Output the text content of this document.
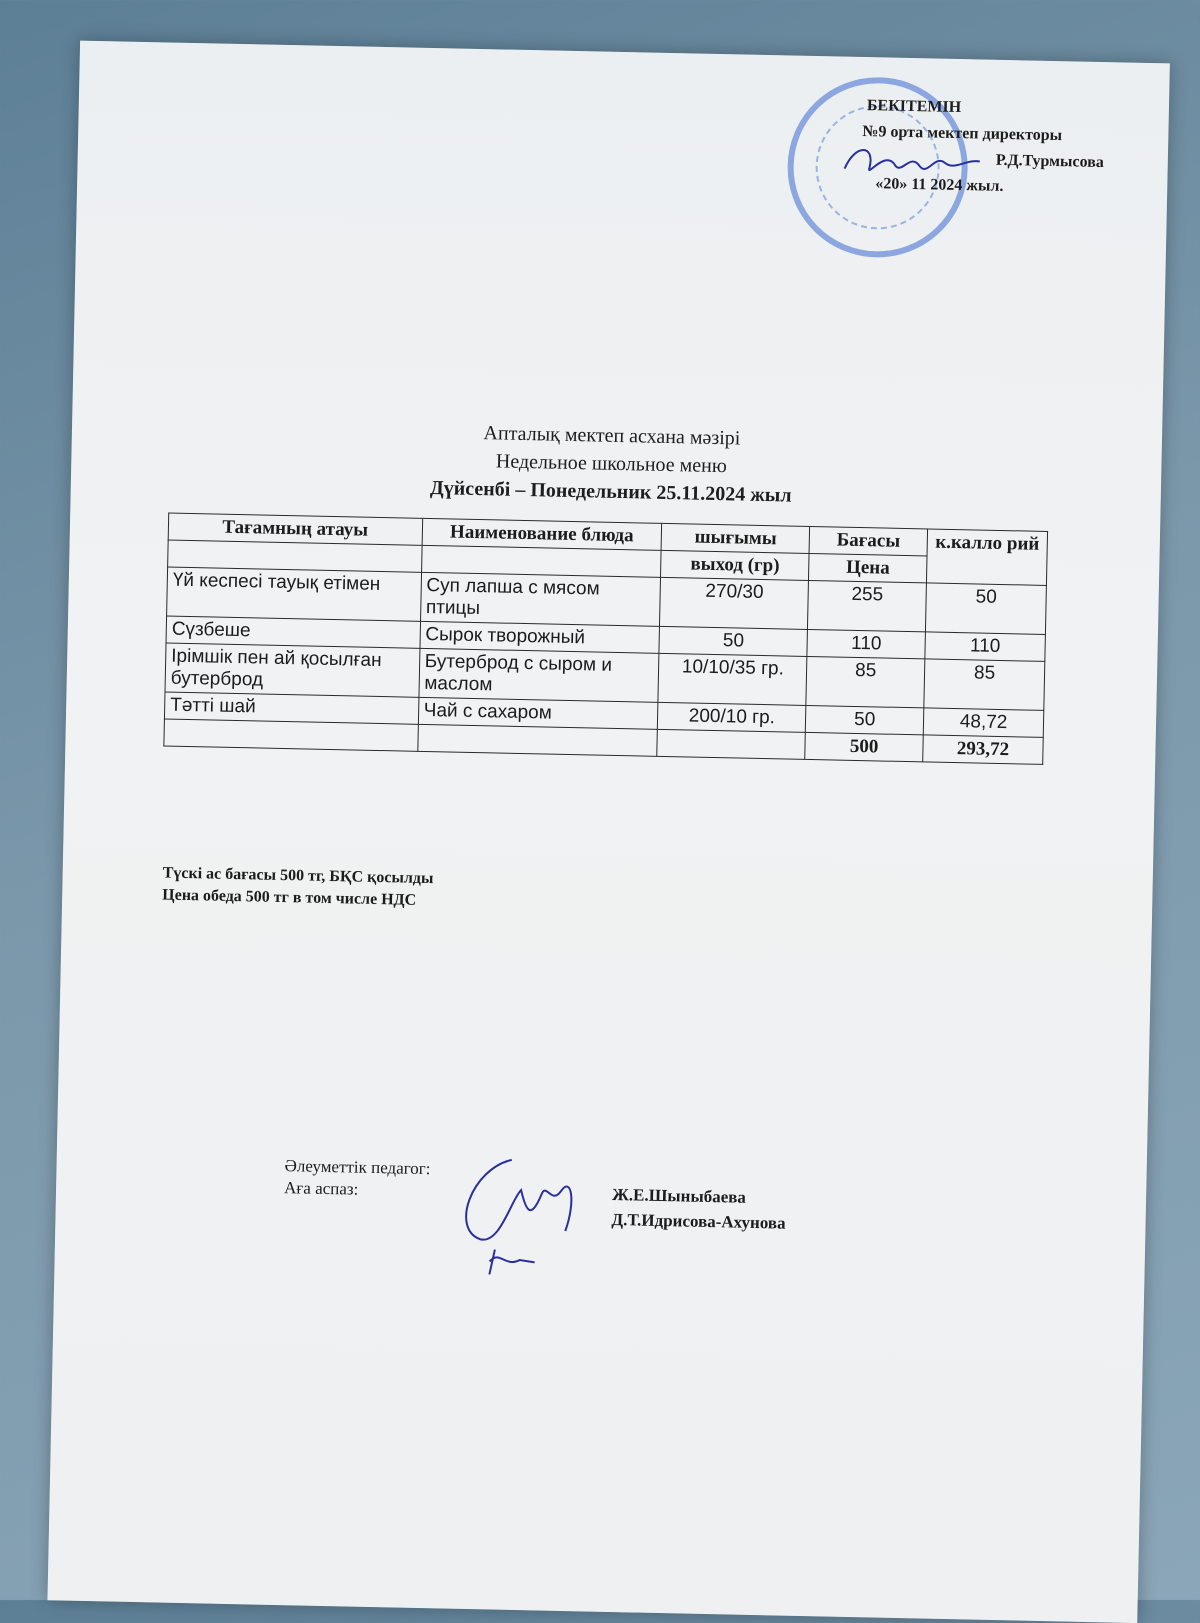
БЕКІТЕМІН
№9 орта мектеп директоры
Р.Д.Турмысова
«20» 11 2024 жыл.
Апталық мектеп асхана мәзірі
Недельное школьное меню
Дүйсенбі – Понедельник 25.11.2024 жыл
Тағамның атауы	Наименование блюда	шығымы	Бағасы	к.калло рий
		выход (гр)	Цена	
Үй кеспесі тауық етімен	Суп лапша с мясом птицы	270/30	255	50
Сүзбеше	Сырок творожный	50	110	110
Ірімшік пен ай қосылған бутерброд	Бутерброд с сыром и маслом	10/10/35 гр.	85	85
Тәтті шай	Чай с сахаром	200/10 гр.	50	48,72
			500	293,72
Түскі ас бағасы 500 тг, БҚС қосылды
Цена обеда 500 тг в том числе НДС
Әлеуметтік педагог:
Аға аспаз:	Ж.Е.Шыныбаева
Д.Т.Идрисова-Ахунова
